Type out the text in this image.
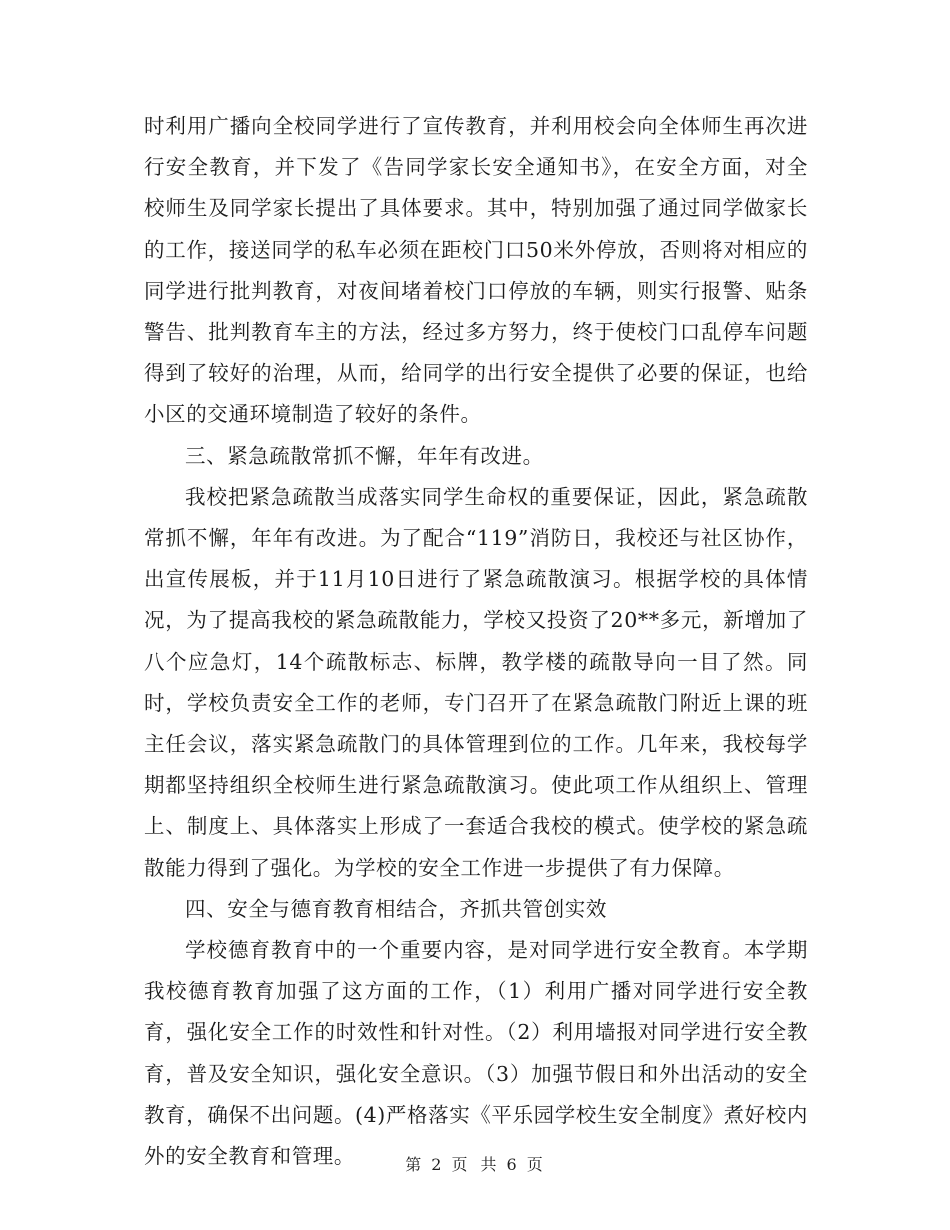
时利用广播向全校同学进行了宣传教育，并利用校会向全体师生再次进行安全教育，并下发了《告同学家长安全通知书》，在安全方面，对全校师生及同学家长提出了具体要求。其中，特别加强了通过同学做家长的工作，接送同学的私车必须在距校门口50米外停放，否则将对相应的同学进行批判教育，对夜间堵着校门口停放的车辆，则实行报警、贴条警告、批判教育车主的方法，经过多方努力，终于使校门口乱停车问题得到了较好的治理，从而，给同学的出行安全提供了必要的保证，也给小区的交通环境制造了较好的条件。

三、紧急疏散常抓不懈，年年有改进。

我校把紧急疏散当成落实同学生命权的重要保证，因此，紧急疏散常抓不懈，年年有改进。为了配合“119”消防日，我校还与社区协作，出宣传展板，并于11月10日进行了紧急疏散演习。根据学校的具体情况，为了提高我校的紧急疏散能力，学校又投资了20**多元，新增加了八个应急灯，14个疏散标志、标牌，教学楼的疏散导向一目了然。同时，学校负责安全工作的老师，专门召开了在紧急疏散门附近上课的班主任会议，落实紧急疏散门的具体管理到位的工作。几年来，我校每学期都坚持组织全校师生进行紧急疏散演习。使此项工作从组织上、管理上、制度上、具体落实上形成了一套适合我校的模式。使学校的紧急疏散能力得到了强化。为学校的安全工作进一步提供了有力保障。

四、安全与德育教育相结合，齐抓共管创实效

学校德育教育中的一个重要内容，是对同学进行安全教育。本学期我校德育教育加强了这方面的工作，（1）利用广播对同学进行安全教育，强化安全工作的时效性和针对性。（2）利用墙报对同学进行安全教育，普及安全知识，强化安全意识。（3）加强节假日和外出活动的安全教育，确保不出问题。(4)严格落实《平乐园学校生安全制度》煮好校内外的安全教育和管理。	第 2 页 共 6 页
